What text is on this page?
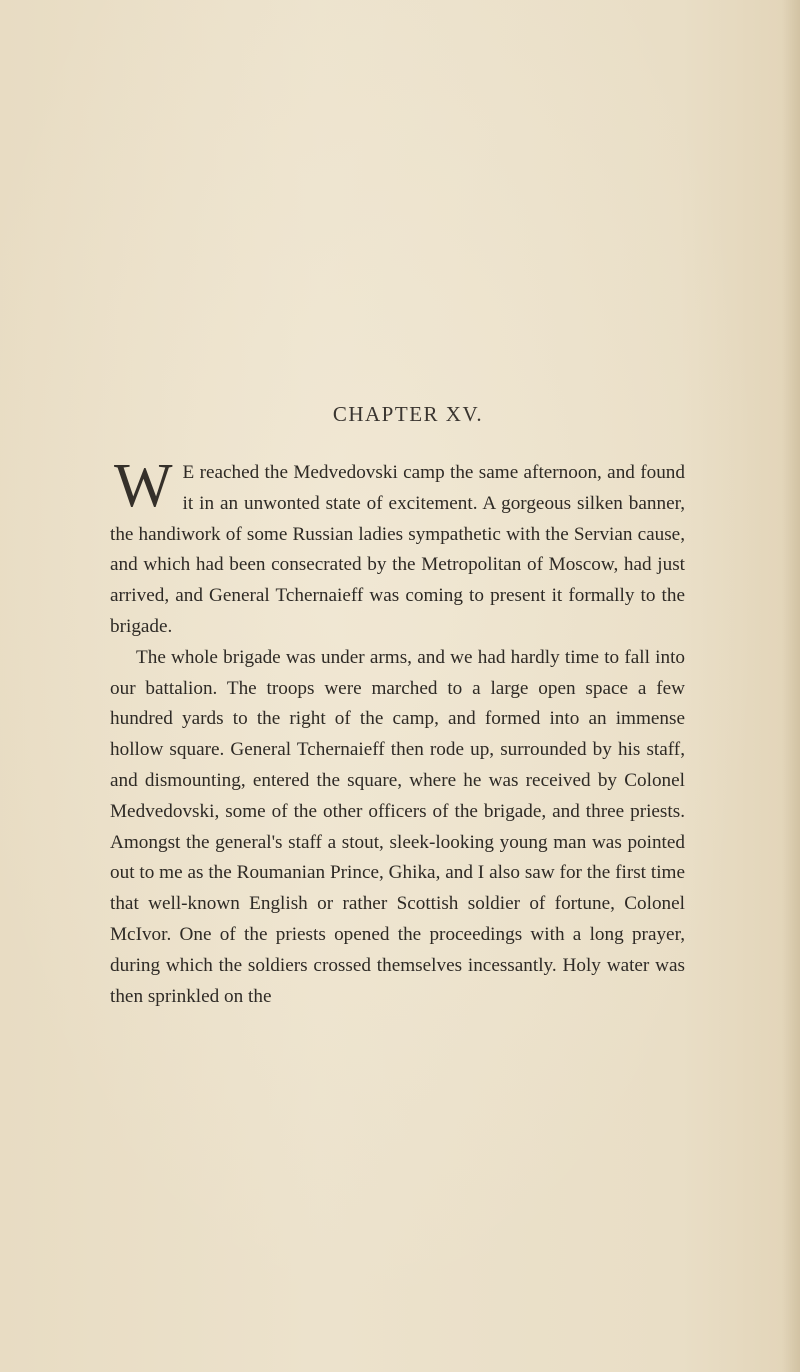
CHAPTER XV.

W E reached the Medvedovski camp the same afternoon, and found it in an unwonted state of excitement. A gorgeous silken banner, the handiwork of some Russian ladies sympathetic with the Servian cause, and which had been consecrated by the Metropolitan of Moscow, had just arrived, and General Tchernaieff was coming to present it formally to the brigade.

The whole brigade was under arms, and we had hardly time to fall into our battalion. The troops were marched to a large open space a few hundred yards to the right of the camp, and formed into an immense hollow square. General Tchernaieff then rode up, surrounded by his staff, and dismounting, entered the square, where he was received by Colonel Medvedovski, some of the other officers of the brigade, and three priests. Amongst the general's staff a stout, sleek-looking young man was pointed out to me as the Roumanian Prince, Ghika, and I also saw for the first time that well-known English or rather Scottish soldier of fortune, Colonel McIvor. One of the priests opened the proceedings with a long prayer, during which the soldiers crossed themselves incessantly. Holy water was then sprinkled on the
